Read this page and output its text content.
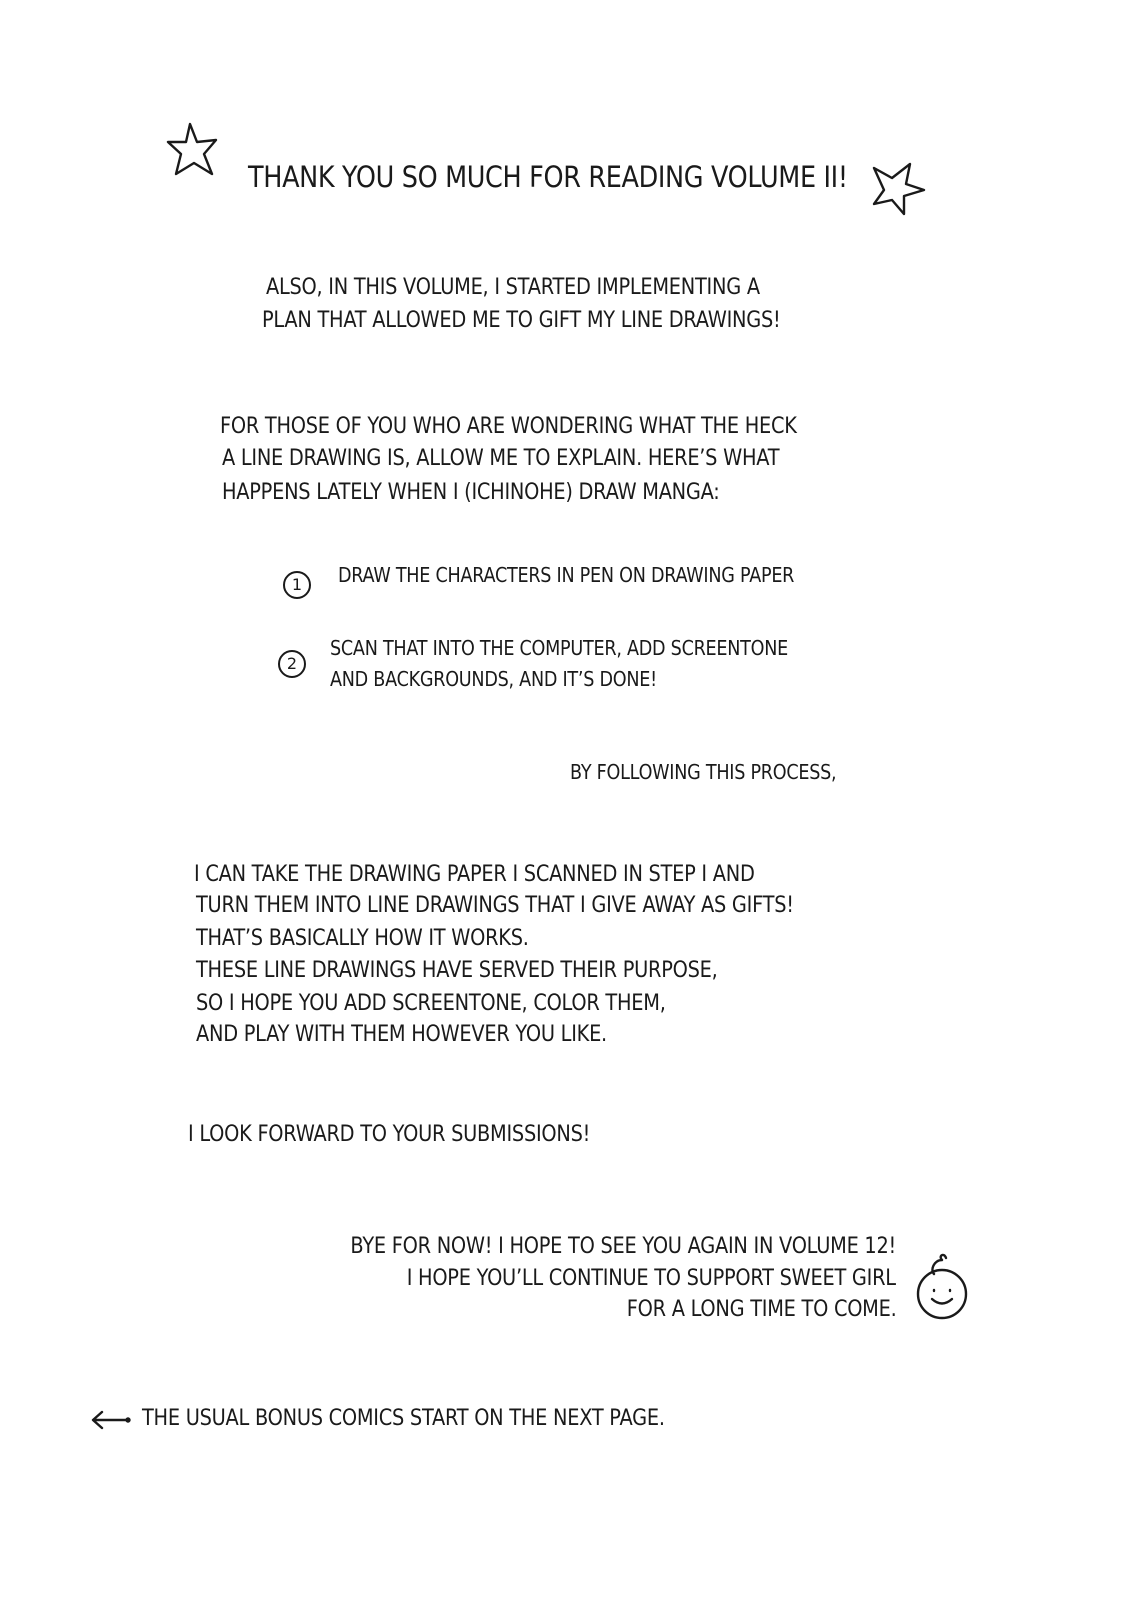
THANK YOU SO MUCH FOR READING VOLUME II!
ALSO, IN THIS VOLUME, I STARTED IMPLEMENTING A
PLAN THAT ALLOWED ME TO GIFT MY LINE DRAWINGS!
FOR THOSE OF YOU WHO ARE WONDERING WHAT THE HECK
A LINE DRAWING IS, ALLOW ME TO EXPLAIN. HERE’S WHAT
HAPPENS LATELY WHEN I (ICHINOHE) DRAW MANGA:
1	DRAW THE CHARACTERS IN PEN ON DRAWING PAPER
2
SCAN THAT INTO THE COMPUTER, ADD SCREENTONE
AND BACKGROUNDS, AND IT’S DONE!
BY FOLLOWING THIS PROCESS,
I CAN TAKE THE DRAWING PAPER I SCANNED IN STEP I AND
TURN THEM INTO LINE DRAWINGS THAT I GIVE AWAY AS GIFTS!
THAT’S BASICALLY HOW IT WORKS.
THESE LINE DRAWINGS HAVE SERVED THEIR PURPOSE,
SO I HOPE YOU ADD SCREENTONE, COLOR THEM,
AND PLAY WITH THEM HOWEVER YOU LIKE.
I LOOK FORWARD TO YOUR SUBMISSIONS!
BYE FOR NOW! I HOPE TO SEE YOU AGAIN IN VOLUME 12!
I HOPE YOU’LL CONTINUE TO SUPPORT SWEET GIRL
FOR A LONG TIME TO COME.
THE USUAL BONUS COMICS START ON THE NEXT PAGE.
